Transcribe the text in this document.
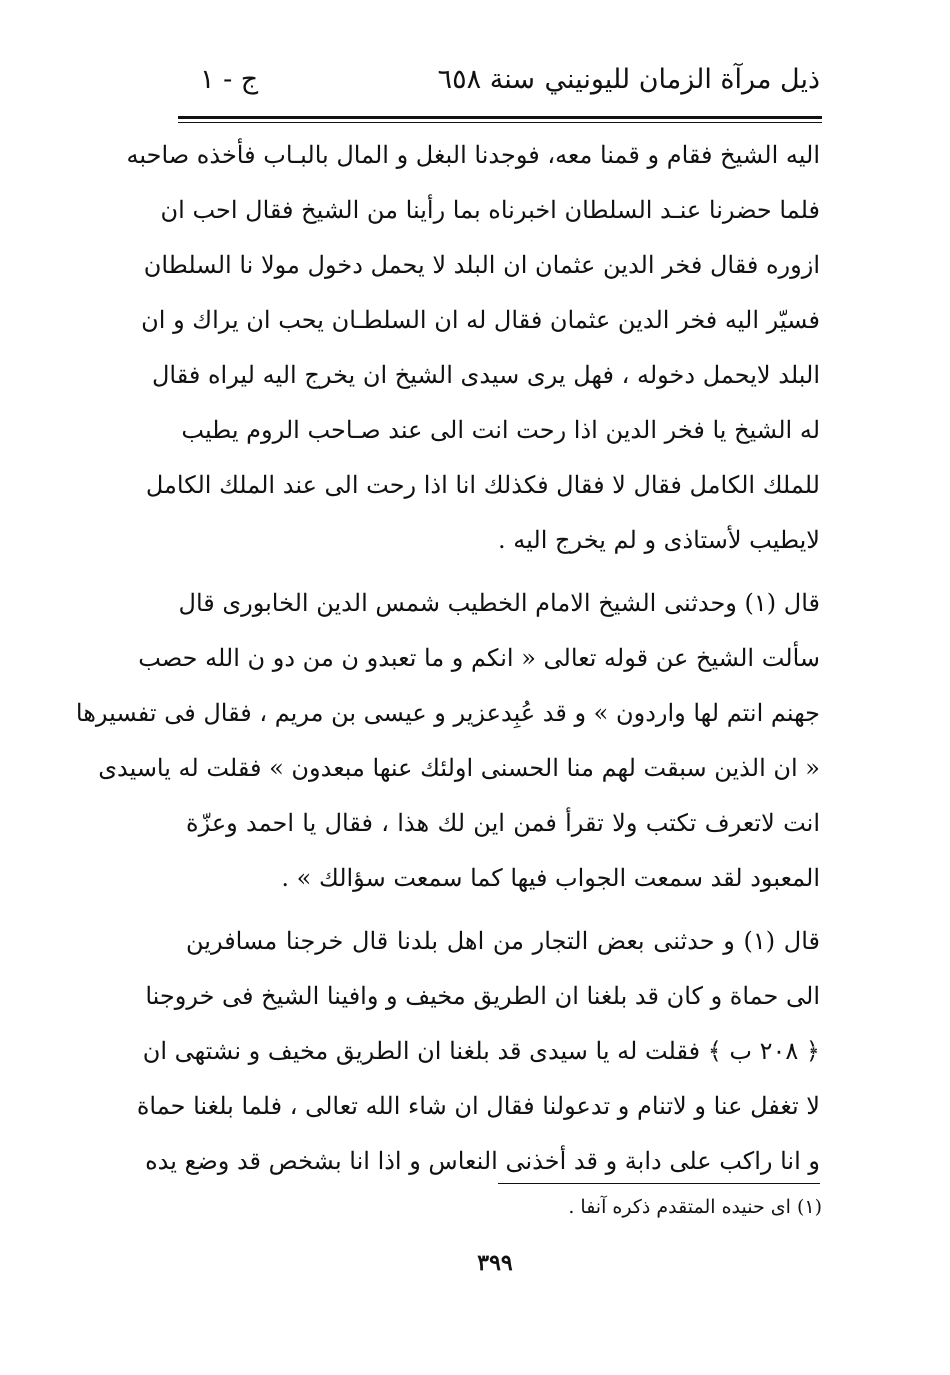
ذيل مرآة الزمان لليونيني
سنة ٦٥٨
ج - ١
اليه الشيخ فقام و قمنا معه، فوجدنا البغل و المال بالبـاب فأخذه صاحبه
فلما حضرنا عنـد السلطان اخبرناه بما رأينا من الشيخ فقال احب ان
ازوره فقال فخر الدين عثمان ان البلد لا يحمل دخول مولا نا السلطان
فسيّر اليه فخر الدين عثمان فقال له ان السلطـان يحب ان يراك و ان
البلد لايحمل دخوله ، فهل يرى سيدى الشيخ ان يخرج اليه ليراه فقال
له الشيخ يا فخر الدين اذا رحت انت الى عند صـاحب الروم يطيب
للملك الكامل فقال لا فقال فكذلك انا اذا رحت الى عند الملك الكامل
لايطيب لأستاذى و لم يخرج اليه .
قال (١) وحدثنى الشيخ الامام الخطيب شمس الدين الخابورى قال
سألت الشيخ عن قوله تعالى « انكم و ما تعبدو ن من دو ن الله حصب
جهنم انتم لها واردون » و قد عُبِدعزير و عيسى بن مريم ، فقال فى تفسيرها
« ان الذين سبقت لهم منا الحسنى اولئك عنها مبعدون » فقلت له ياسيدى
انت لاتعرف تكتب ولا تقرأ فمن اين لك هذا ، فقال يا احمد وعزّة
المعبود لقد سمعت الجواب فيها كما سمعت سؤالك » .
قال (١) و حدثنى بعض التجار من اهل بلدنا قال خرجنا مسافرين
الى حماة و كان قد بلغنا ان الطريق مخيف و وافينا الشيخ فى خروجنا
﴿ ٢٠٨ ب ﴾ فقلت له يا سيدى قد بلغنا ان الطريق مخيف و نشتهى ان
لا تغفل عنا و لاتنام و تدعولنا فقال ان شاء الله تعالى ، فلما بلغنا حماة
و انا راكب على دابة و قد أخذنى النعاس و اذا انا بشخص قد وضع يده
(١) اى حنيده المتقدم ذكره آنفا .
٣٩٩
